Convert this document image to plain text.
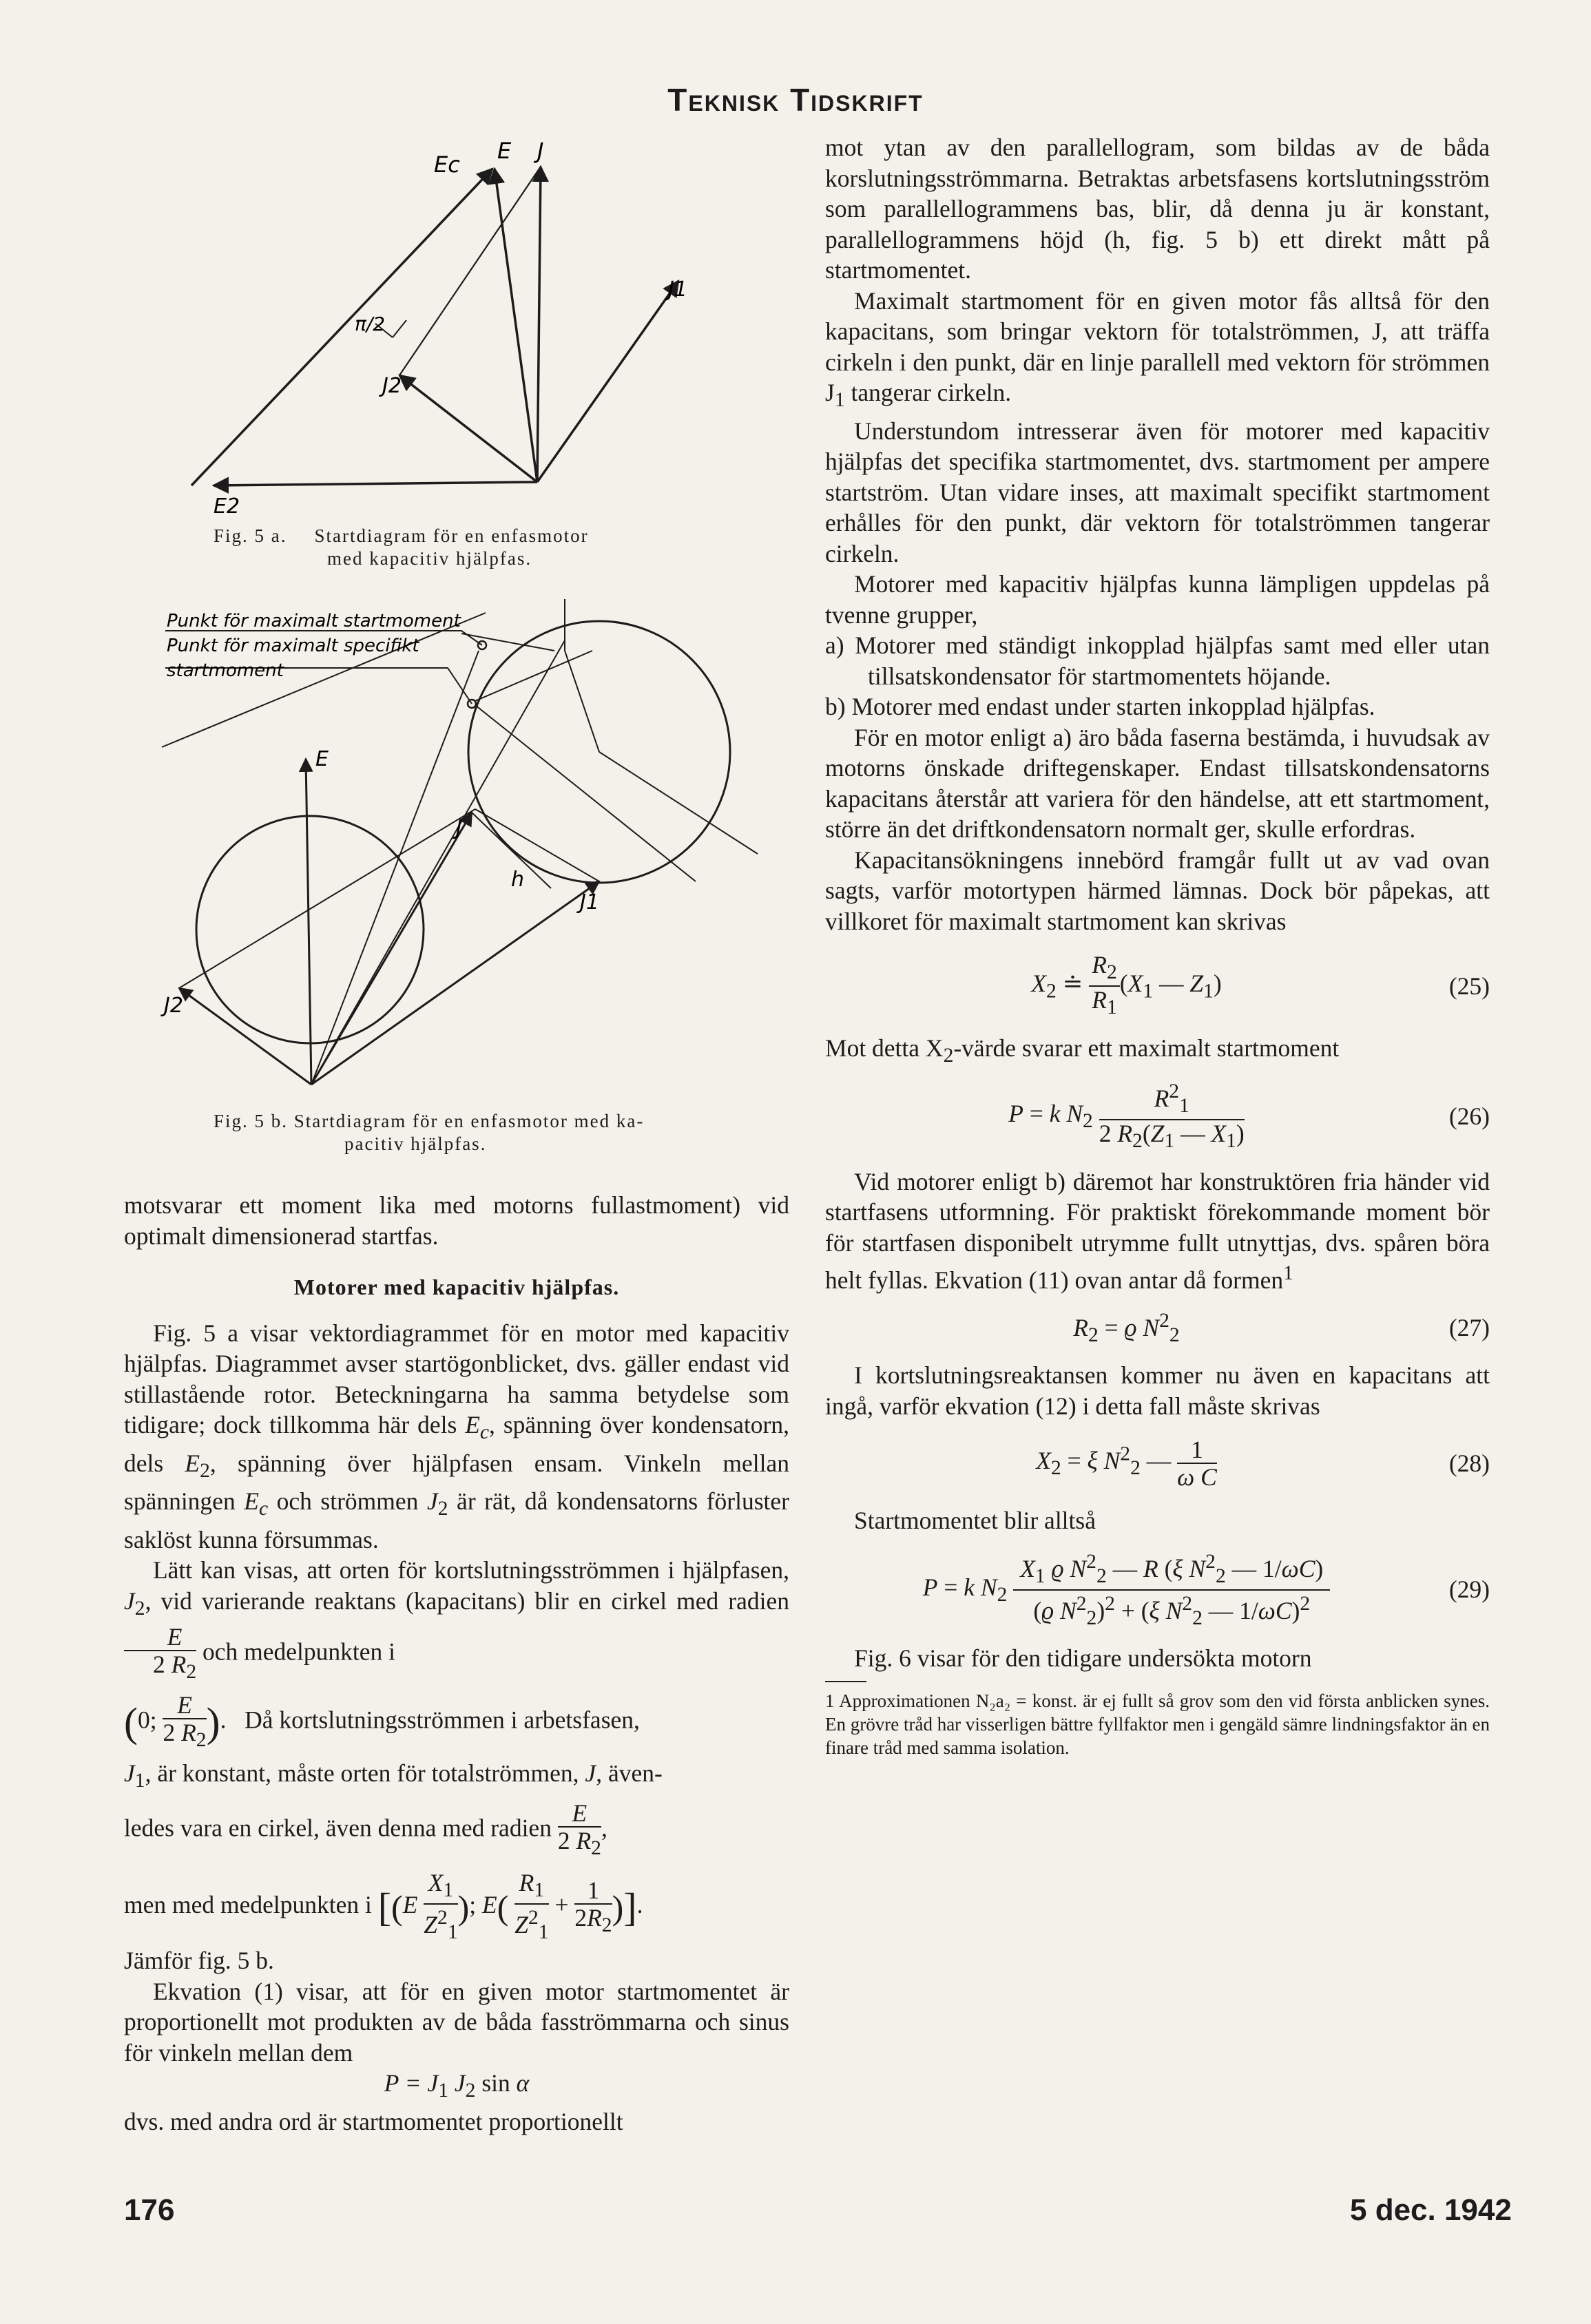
Teknisk Tidskrift
Ec
E J
J1
π/2
J2
E2
Fig. 5 a. Startdiagram för en enfasmotor
med kapacitiv hjälpfas.
Punkt för maximalt startmoment
Punkt för maximalt specifikt
startmoment
E
J
h
J1
J2
Fig. 5 b. Startdiagram för en enfasmotor med ka-
pacitiv hjälpfas.

motsvarar ett moment lika med motorns fullastmoment) vid optimalt dimensionerad startfas.

Motorer med kapacitiv hjälpfas.

Fig. 5 a visar vektordiagrammet för en motor med kapacitiv hjälpfas. Diagrammet avser startögonblicket, dvs. gäller endast vid stillastående rotor. Beteckningarna ha samma betydelse som tidigare; dock tillkomma här dels $E_c$, spänning över kondensatorn, dels $E_2$, spänning över hjälpfasen ensam. Vinkeln mellan spänningen $E_c$ och strömmen $J_2$ är rät, då kondensatorns förluster saklöst kunna försummas.

Lätt kan visas, att orten för kortslutningsströmmen i hjälpfasen, $J_2$, vid varierande reaktans (kapacitans) blir en cirkel med radien
$\frac{E}{2 R_2}$ och medelpunkten i

(0; $\frac{E}{2 R_2}$ ).   Då kortslutningsströmmen i arbetsfasen,

$J_1$, är konstant, måste orten för totalströmmen, J, även-

ledes vara en cirkel, även denna med radien $\frac{E}{2 R_2}$ ,

men med medelpunkten i [($E \frac{X_1}{Z^2_1}$ ); $E( \frac{R_1}{Z^2_1} + \frac{1}{2R_2}$ )].

Jämför fig. 5 b.

Ekvation (1) visar, att för en given motor startmomentet är proportionellt mot produkten av de båda fasströmmarna och sinus för vinkeln mellan dem

$P = J_1$ $J_2$ sin α

dvs. med andra ord är startmomentet proportionellt

mot ytan av den parallellogram, som bildas av de båda korslutningsströmmarna. Betraktas arbetsfasens kortslutningsström som parallellogrammens bas, blir, då denna ju är konstant, parallellogrammens höjd (h, fig. 5 b) ett direkt mått på startmomentet.

Maximalt startmoment för en given motor fås alltså för den kapacitans, som bringar vektorn för totalströmmen, J, att träffa cirkeln i den punkt, där en linje parallell med vektorn för strömmen $J_1$ tangerar cirkeln.

Understundom intresserar även för motorer med kapacitiv hjälpfas det specifika startmomentet, dvs. startmoment per ampere startström. Utan vidare inses, att maximalt specifikt startmoment erhålles för den punkt, där vektorn för totalströmmen tangerar cirkeln.

Motorer med kapacitiv hjälpfas kunna lämpligen uppdelas på tvenne grupper,

a) Motorer med ständigt inkopplad hjälpfas samt med eller utan tillsatskondensator för startmomentets höjande.

b) Motorer med endast under starten inkopplad hjälpfas.

För en motor enligt a) äro båda faserna bestämda, i huvudsak av motorns önskade driftegenskaper. Endast tillsatskondensatorns kapacitans återstår att variera för den händelse, att ett startmoment, större än det driftkondensatorn normalt ger, skulle erfordras.

Kapacitansökningens innebörd framgår fullt ut av vad ovan sagts, varför motortypen härmed lämnas. Dock bör påpekas, att villkoret för maximalt startmoment kan skrivas

$X_2$ ≐ $\frac{R_2}{R_1} (X_1$ — $Z_1$)	(25)

Mot detta $X_2$-värde svarar ett maximalt startmoment

P = k $N_2 \frac{R^2_1}{2 R_2(Z_1 — X_1)}$	(26)

Vid motorer enligt b) däremot har konstruktören fria händer vid startfasens utformning. För praktiskt förekommande moment bör för startfasen disponibelt utrymme fullt utnyttjas, dvs. spåren böra helt fyllas. Ekvation (11) ovan antar då formen$^1$

$R_2 = ϱ$ $N^2_2$	(27)

I kortslutningsreaktansen kommer nu även en kapacitans att ingå, varför ekvation (12) i detta fall måste skrivas

$X_2 = \xi$ $N^2_2$ — $\frac{1}{\text{ω C}}$	(28)

Startmomentet blir alltså

P = k $N_2 \frac{X_1 ϱ N^2_2 — R (\xi N^2_2 — 1/\omega C)}{(ϱ N^2_2)^2 + (\xi N^2_2 — 1/\omega C)^2}$	(29)

Fig. 6 visar för den tidigare undersökta motorn

1 Approximationen N₂a₂ = konst. är ej fullt så grov som den vid första anblicken synes. En grövre tråd har visserligen bättre fyllfaktor men i gengäld sämre lindningsfaktor än en finare tråd med samma isolation.

176	5 dec. 1942
